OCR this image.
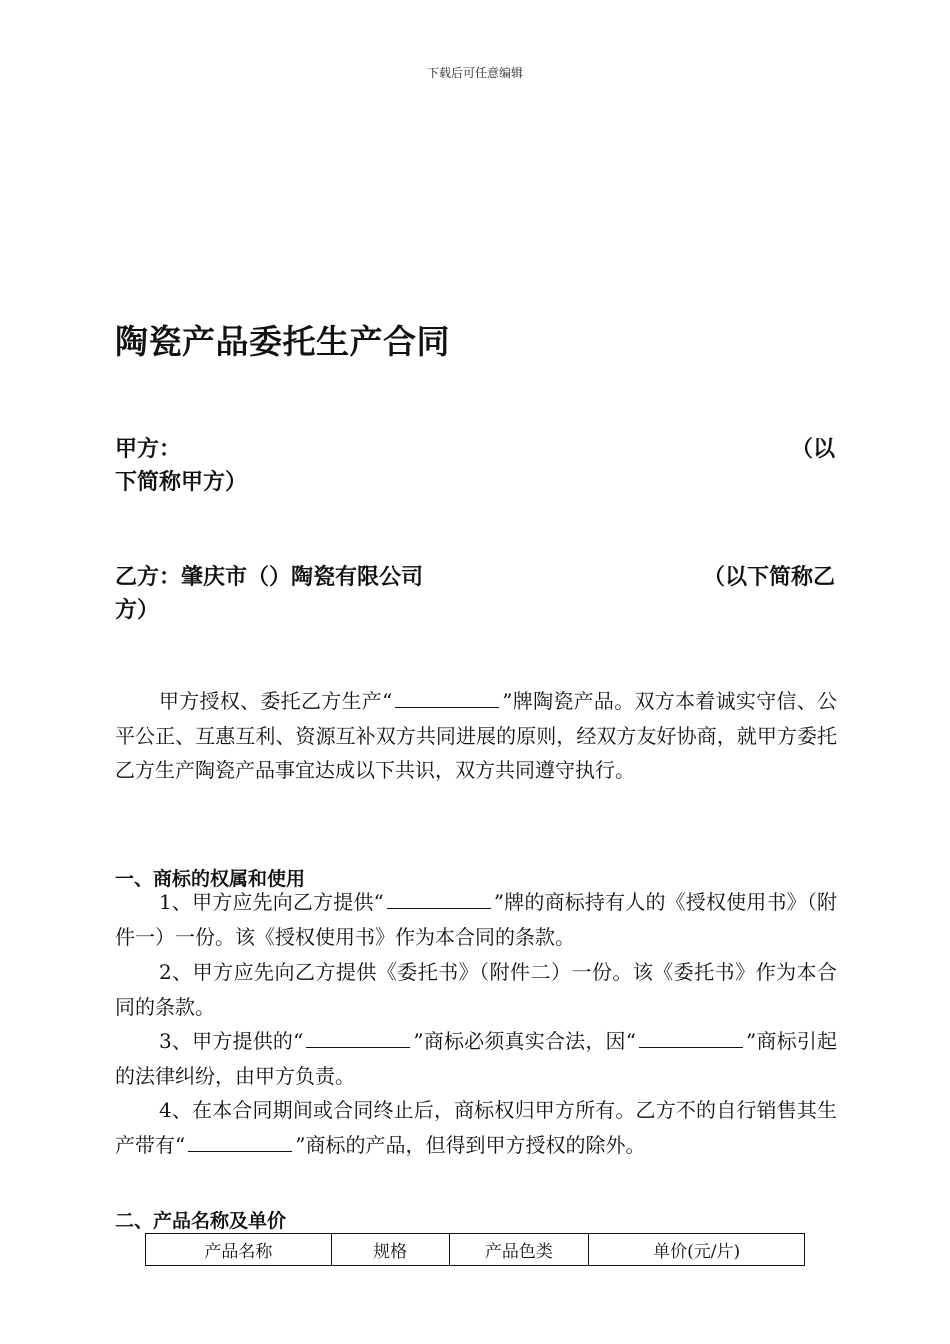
下载后可任意编辑
陶瓷产品委托生产合同
甲方：	（以
下简称甲方）
乙方：肇庆市（）陶瓷有限公司	（以下简称乙
方）

甲方授权、委托乙方生产“	”牌陶瓷产品。双方本着诚实守信、公平公正、互惠互利、资源互补双方共同进展的原则，经双方友好协商，就甲方委托乙方生产陶瓷产品事宜达成以下共识，双方共同遵守执行。

一、商标的权属和使用

1、甲方应先向乙方提供“	”牌的商标持有人的《授权使用书》（附件一）一份。该《授权使用书》作为本合同的条款。

2、甲方应先向乙方提供《委托书》（附件二）一份。该《委托书》作为本合同的条款。

3、甲方提供的“	”商标必须真实合法，因“	”商标引起的法律纠纷，由甲方负责。

4、在本合同期间或合同终止后，商标权归甲方所有。乙方不的自行销售其生产带有“	”商标的产品，但得到甲方授权的除外。

二、产品名称及单价
产品名称	规格	产品色类	单价(元/片)
